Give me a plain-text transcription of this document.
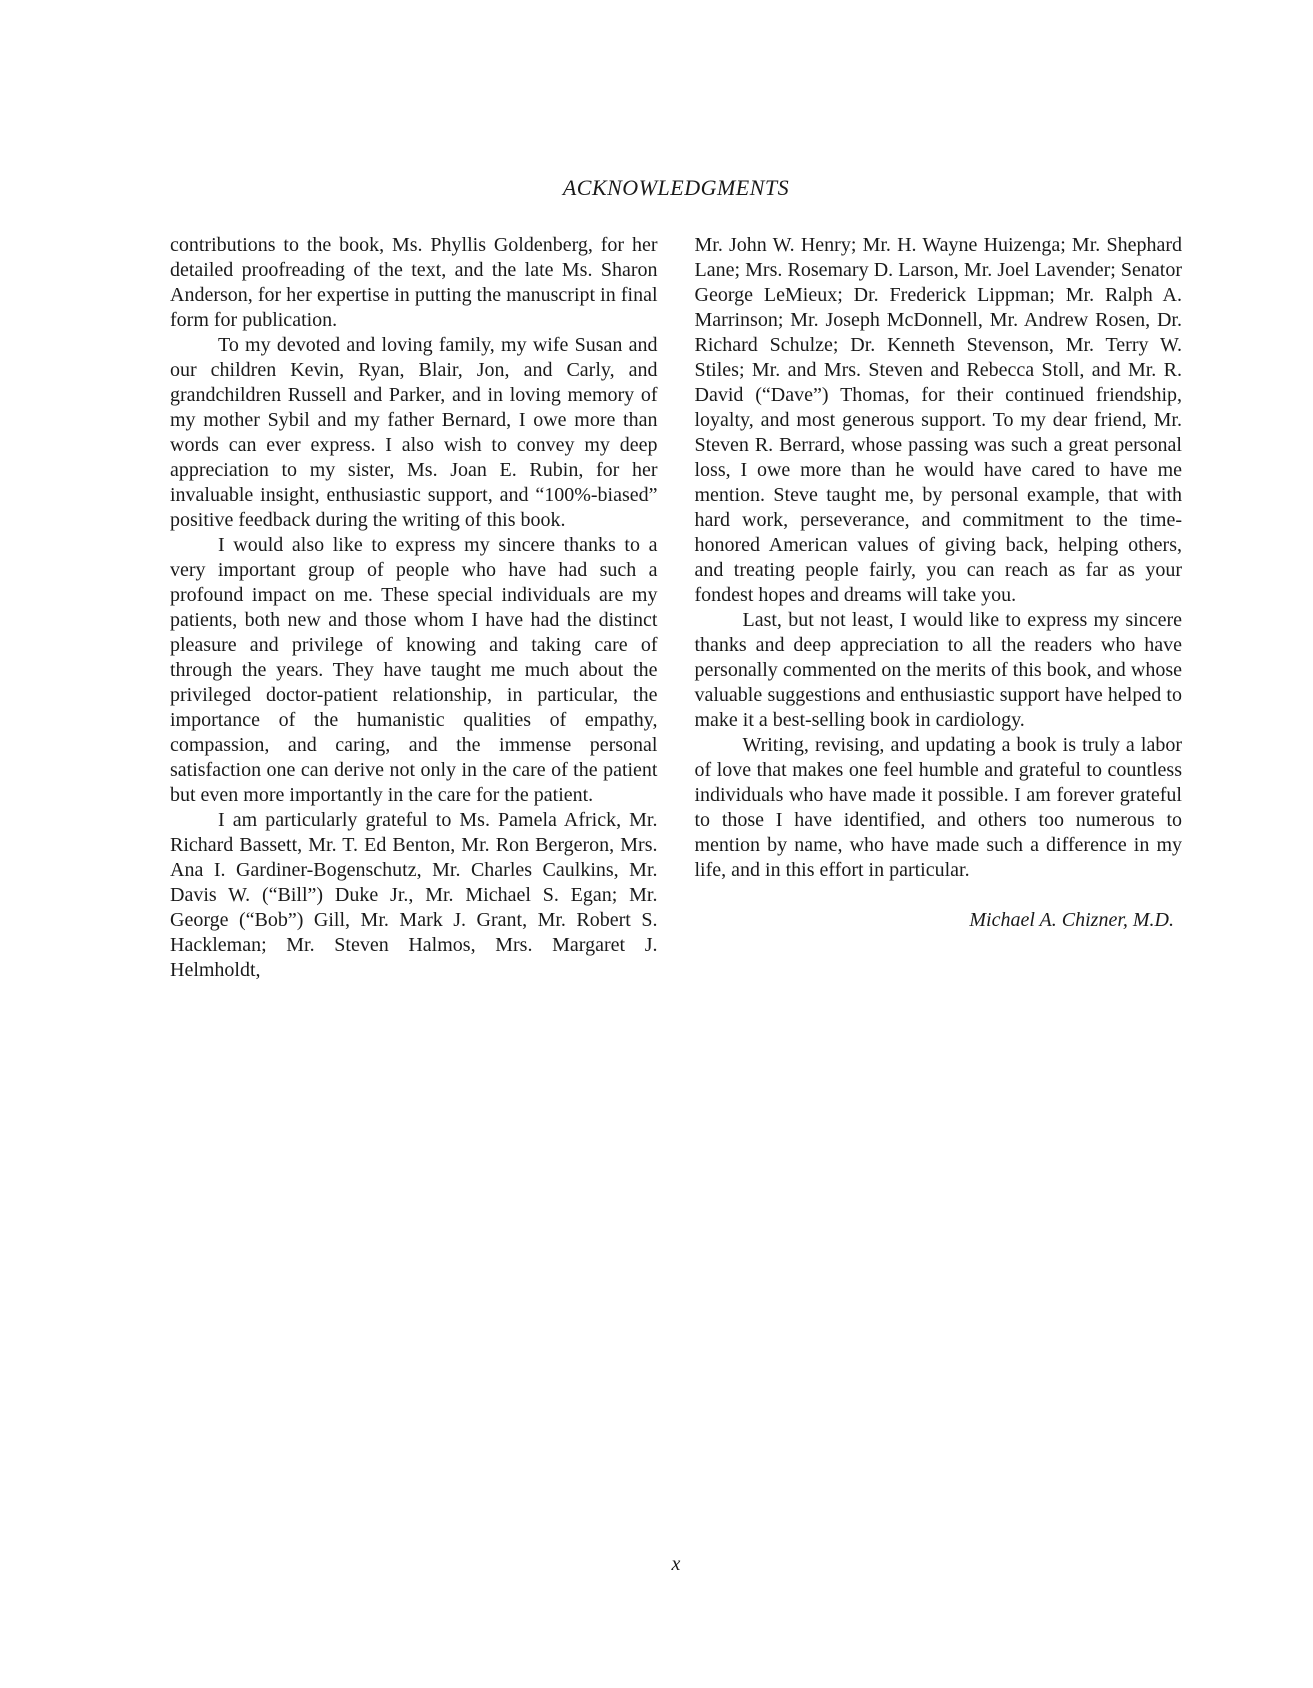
ACKNOWLEDGMENTS

contributions to the book, Ms. Phyllis Goldenberg, for her detailed proofreading of the text, and the late Ms. Sharon Anderson, for her expertise in putting the manuscript in final form for publication.

To my devoted and loving family, my wife Susan and our children Kevin, Ryan, Blair, Jon, and Carly, and grandchildren Russell and Parker, and in loving memory of my mother Sybil and my father Bernard, I owe more than words can ever express. I also wish to convey my deep appreciation to my sister, Ms. Joan E. Rubin, for her invaluable insight, enthusiastic support, and “100%-biased” positive feedback during the writing of this book.

I would also like to express my sincere thanks to a very important group of people who have had such a profound impact on me. These special individuals are my patients, both new and those whom I have had the distinct pleasure and privilege of knowing and taking care of through the years. They have taught me much about the privileged doctor-patient relationship, in particular, the importance of the humanistic qualities of empathy, compassion, and caring, and the immense personal satisfaction one can derive not only in the care of the patient but even more importantly in the care for the patient.

I am particularly grateful to Ms. Pamela Africk, Mr. Richard Bassett, Mr. T. Ed Benton, Mr. Ron Bergeron, Mrs. Ana I. Gardiner-Bogenschutz, Mr. Charles Caulkins, Mr. Davis W. (“Bill”) Duke Jr., Mr. Michael S. Egan; Mr. George (“Bob”) Gill, Mr. Mark J. Grant, Mr. Robert S. Hackleman; Mr. Steven Halmos, Mrs. Margaret J. Helmholdt,

Mr. John W. Henry; Mr. H. Wayne Huizenga; Mr. Shephard Lane; Mrs. Rosemary D. Larson, Mr. Joel Lavender; Senator George LeMieux; Dr. Frederick Lippman; Mr. Ralph A. Marrinson; Mr. Joseph McDonnell, Mr. Andrew Rosen, Dr. Richard Schulze; Dr. Kenneth Stevenson, Mr. Terry W. Stiles; Mr. and Mrs. Steven and Rebecca Stoll, and Mr. R. David (“Dave”) Thomas, for their continued friendship, loyalty, and most generous support. To my dear friend, Mr. Steven R. Berrard, whose passing was such a great personal loss, I owe more than he would have cared to have me mention. Steve taught me, by personal example, that with hard work, perseverance, and commitment to the time-honored American values of giving back, helping others, and treating people fairly, you can reach as far as your fondest hopes and dreams will take you.

Last, but not least, I would like to express my sincere thanks and deep appreciation to all the readers who have personally commented on the merits of this book, and whose valuable suggestions and enthusiastic support have helped to make it a best-selling book in cardiology.

Writing, revising, and updating a book is truly a labor of love that makes one feel humble and grateful to countless individuals who have made it possible. I am forever grateful to those I have identified, and others too numerous to mention by name, who have made such a difference in my life, and in this effort in particular.

Michael A. Chizner, M.D.
x
